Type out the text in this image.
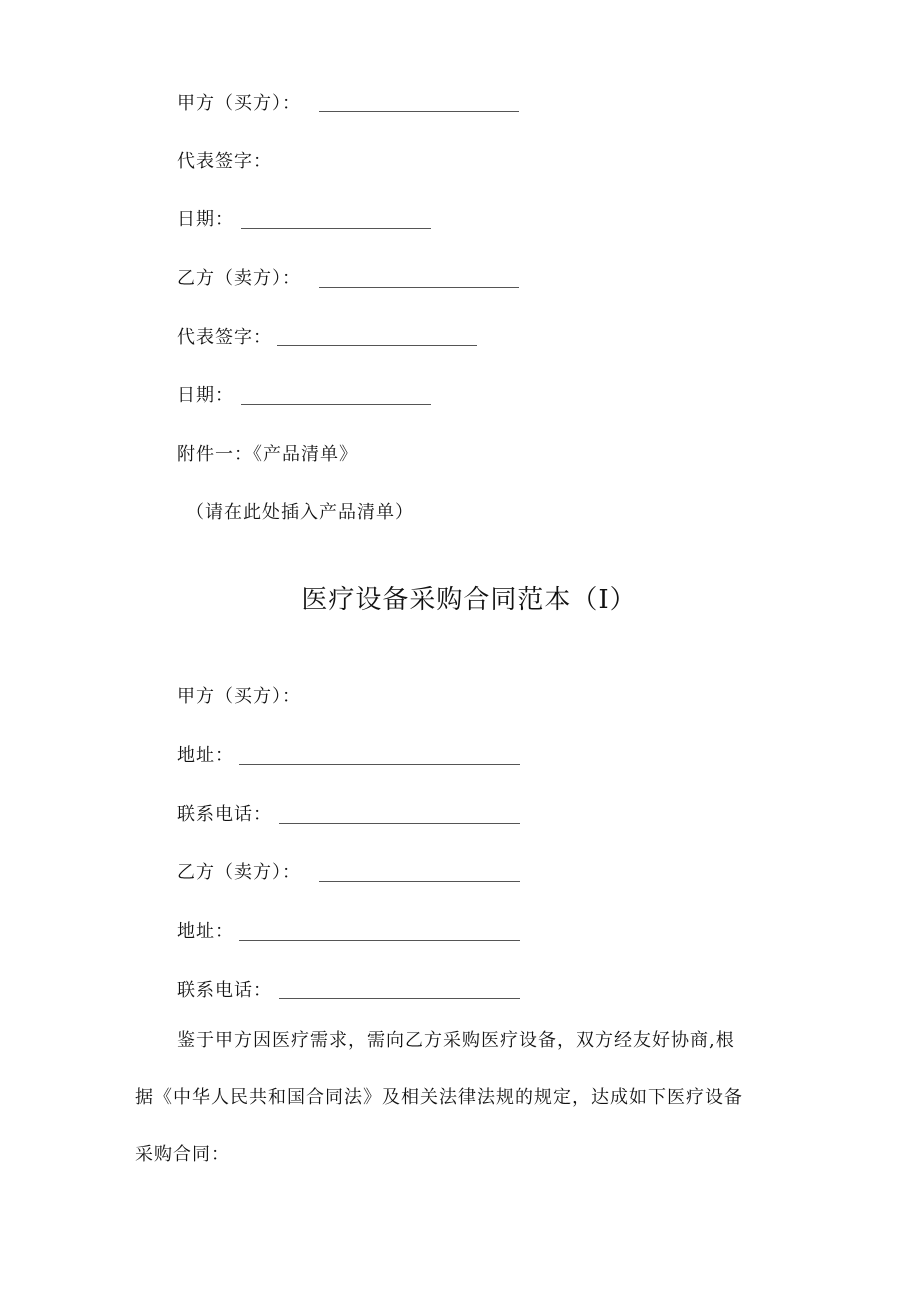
甲方（买方）：
代表签字：
日期：
乙方（卖方）：
代表签字：
日期：
附件一：《产品清单》
（请在此处插入产品清单）
医疗设备采购合同范本（I）
甲方（买方）：
地址：
联系电话：
乙方（卖方）：
地址：
联系电话：
鉴于甲方因医疗需求，需向乙方采购医疗设备，双方经友好协商,根
据《中华人民共和国合同法》及相关法律法规的规定，达成如下医疗设备
采购合同：
